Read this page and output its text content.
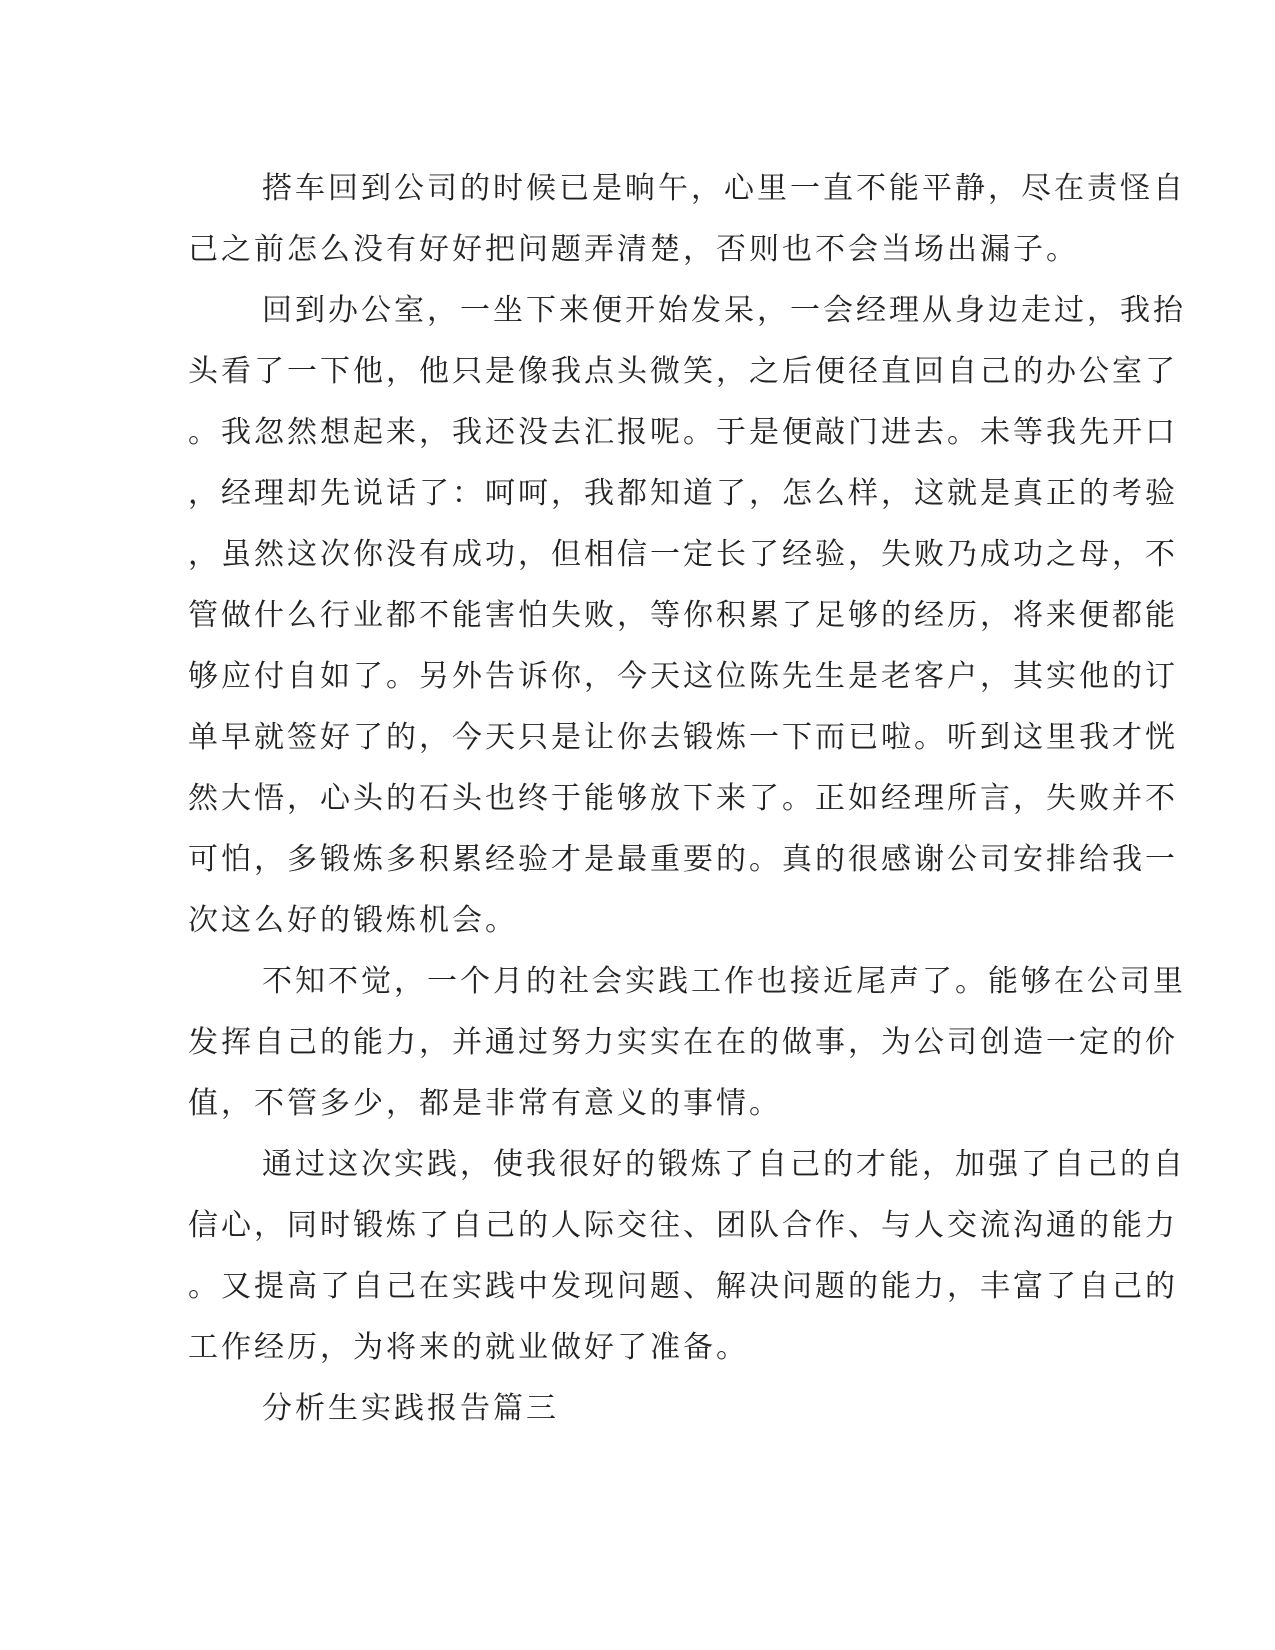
搭车回到公司的时候已是晌午，心里一直不能平静，尽在责怪自
己之前怎么没有好好把问题弄清楚，否则也不会当场出漏子。
回到办公室，一坐下来便开始发呆，一会经理从身边走过，我抬
头看了一下他，他只是像我点头微笑，之后便径直回自己的办公室了
。我忽然想起来，我还没去汇报呢。于是便敲门进去。未等我先开口
，经理却先说话了：呵呵，我都知道了，怎么样，这就是真正的考验
，虽然这次你没有成功，但相信一定长了经验，失败乃成功之母，不
管做什么行业都不能害怕失败，等你积累了足够的经历，将来便都能
够应付自如了。另外告诉你，今天这位陈先生是老客户，其实他的订
单早就签好了的，今天只是让你去锻炼一下而已啦。听到这里我才恍
然大悟，心头的石头也终于能够放下来了。正如经理所言，失败并不
可怕，多锻炼多积累经验才是最重要的。真的很感谢公司安排给我一
次这么好的锻炼机会。
不知不觉，一个月的社会实践工作也接近尾声了。能够在公司里
发挥自己的能力，并通过努力实实在在的做事，为公司创造一定的价
值，不管多少，都是非常有意义的事情。
通过这次实践，使我很好的锻炼了自己的才能，加强了自己的自
信心，同时锻炼了自己的人际交往、团队合作、与人交流沟通的能力
。又提高了自己在实践中发现问题、解决问题的能力，丰富了自己的
工作经历，为将来的就业做好了准备。
分析生实践报告篇三
